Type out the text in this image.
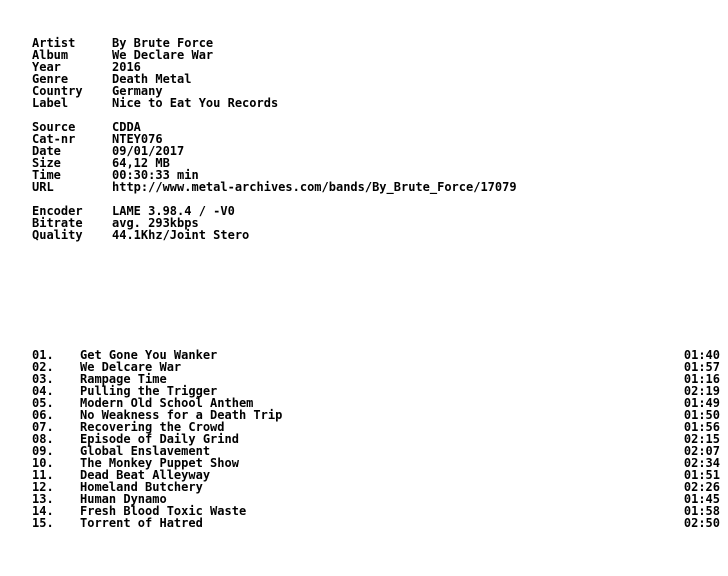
Artist	By Brute Force
Album	We Declare War
Year	2016
Genre	Death Metal
Country	Germany
Label	Nice to Eat You Records
Source	CDDA
Cat-nr	NTEY076
Date	09/01/2017
Size	64,12 MB
Time	00:30:33 min
URL	http://www.metal-archives.com/bands/By_Brute_Force/17079
Encoder	LAME 3.98.4 / -V0
Bitrate	avg. 293kbps
Quality	44.1Khz/Joint Stero
01.	Get Gone You Wanker	01:40
02.	We Delcare War	01:57
03.	Rampage Time	01:16
04.	Pulling the Trigger	02:19
05.	Modern Old School Anthem	01:49
06.	No Weakness for a Death Trip	01:50
07.	Recovering the Crowd	01:56
08.	Episode of Daily Grind	02:15
09.	Global Enslavement	02:07
10.	The Monkey Puppet Show	02:34
11.	Dead Beat Alleyway	01:51
12.	Homeland Butchery	02:26
13.	Human Dynamo	01:45
14.	Fresh Blood Toxic Waste	01:58
15.	Torrent of Hatred	02:50
